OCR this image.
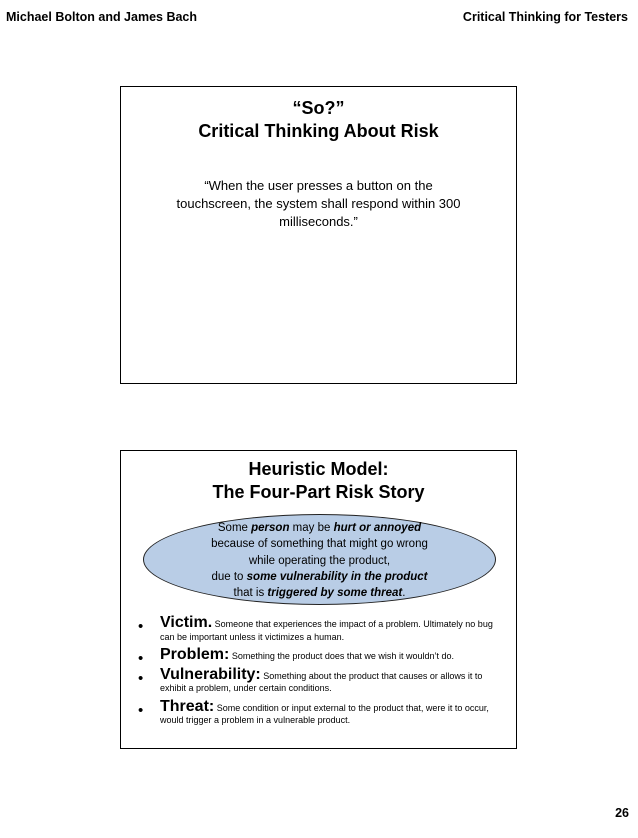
Michael Bolton and James Bach	Critical Thinking for Testers
“So?”
Critical Thinking About Risk
“When the user presses a button on the
touchscreen, the system shall respond within 300
milliseconds.”
Heuristic Model:
The Four-Part Risk Story
Some person may be hurt or annoyed
because of something that might go wrong
while operating the product,
due to some vulnerability in the product
that is triggered by some threat.
• Victim. Someone that experiences the impact of a problem. Ultimately no bug can be important unless it victimizes a human.
• Problem: Something the product does that we wish it wouldn’t do.
• Vulnerability: Something about the product that causes or allows it to exhibit a problem, under certain conditions.
• Threat: Some condition or input external to the product that, were it to occur, would trigger a problem in a vulnerable product.
26
